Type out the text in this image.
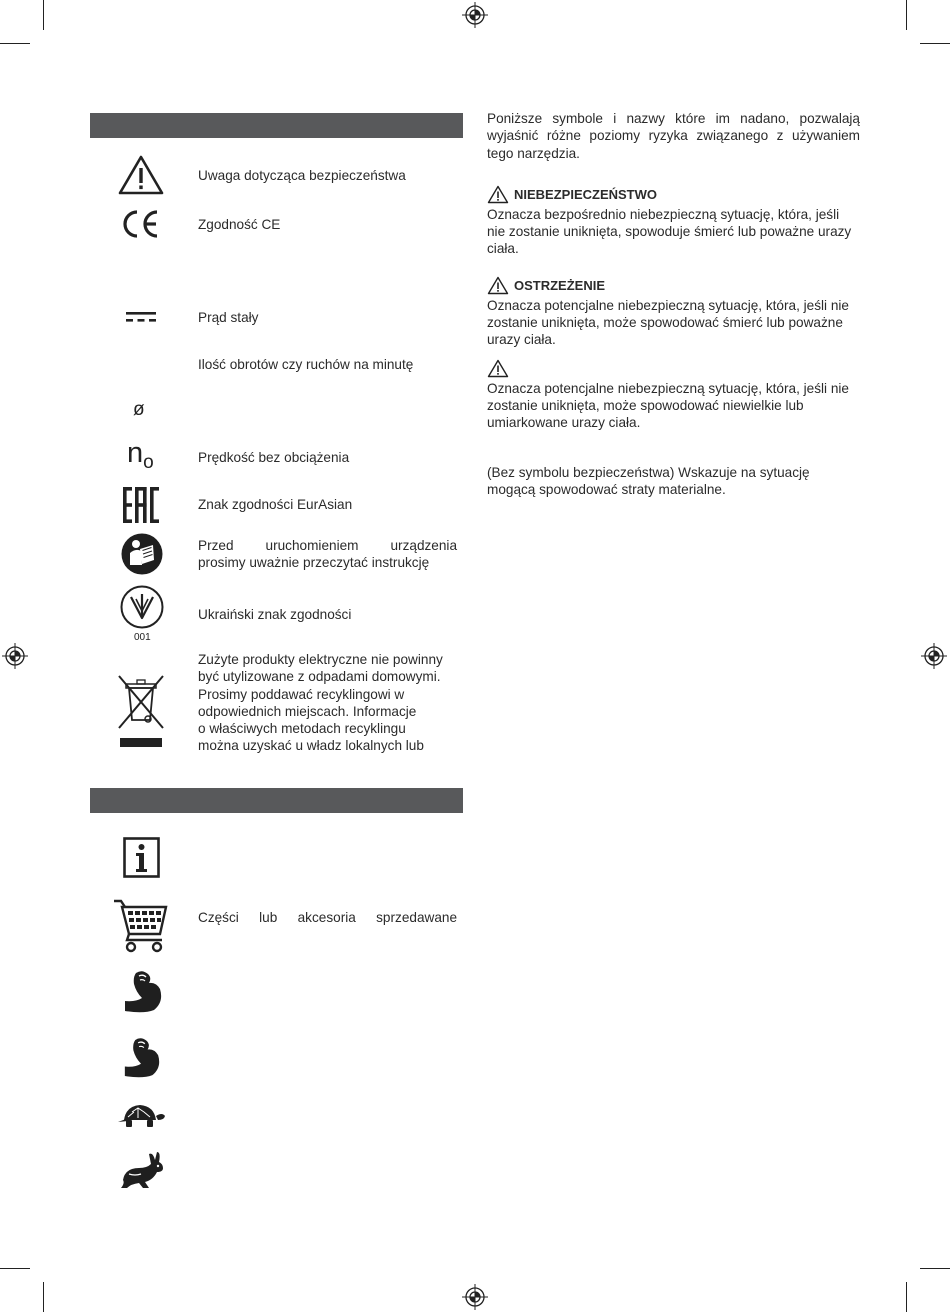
Uwaga dotycząca bezpieczeństwa
Zgodność CE
Prąd stały
Ilość obrotów czy ruchów na minutę
ø
no	Prędkość bez obciążenia
Znak zgodności EurAsian
Przed uruchomieniem urządzenia
prosimy uważnie przeczytać instrukcję
001
Ukraiński znak zgodności
Zużyte produkty elektryczne nie powinny
być utylizowane z odpadami domowymi.
Prosimy poddawać recyklingowi w
odpowiednich miejscach. Informacje
o właściwych metodach recyklingu
można uzyskać u władz lokalnych lub
Części lub akcesoria sprzedawane

Poniższe symbole i nazwy które im nadano, pozwalają wyjaśnić różne poziomy ryzyka związanego z używaniem tego narzędzia.

NIEBEZPIECZEŃSTWO

Oznacza bezpośrednio niebezpieczną sytuację, która, jeśli nie zostanie uniknięta, spowoduje śmierć lub poważne urazy ciała.

OSTRZEŻENIE

Oznacza potencjalne niebezpieczną sytuację, która, jeśli nie zostanie uniknięta, może spowodować śmierć lub poważne urazy ciała.

Oznacza potencjalne niebezpieczną sytuację, która, jeśli nie zostanie uniknięta, może spowodować niewielkie lub umiarkowane urazy ciała.

(Bez symbolu bezpieczeństwa) Wskazuje na sytuację mogącą spowodować straty materialne.
